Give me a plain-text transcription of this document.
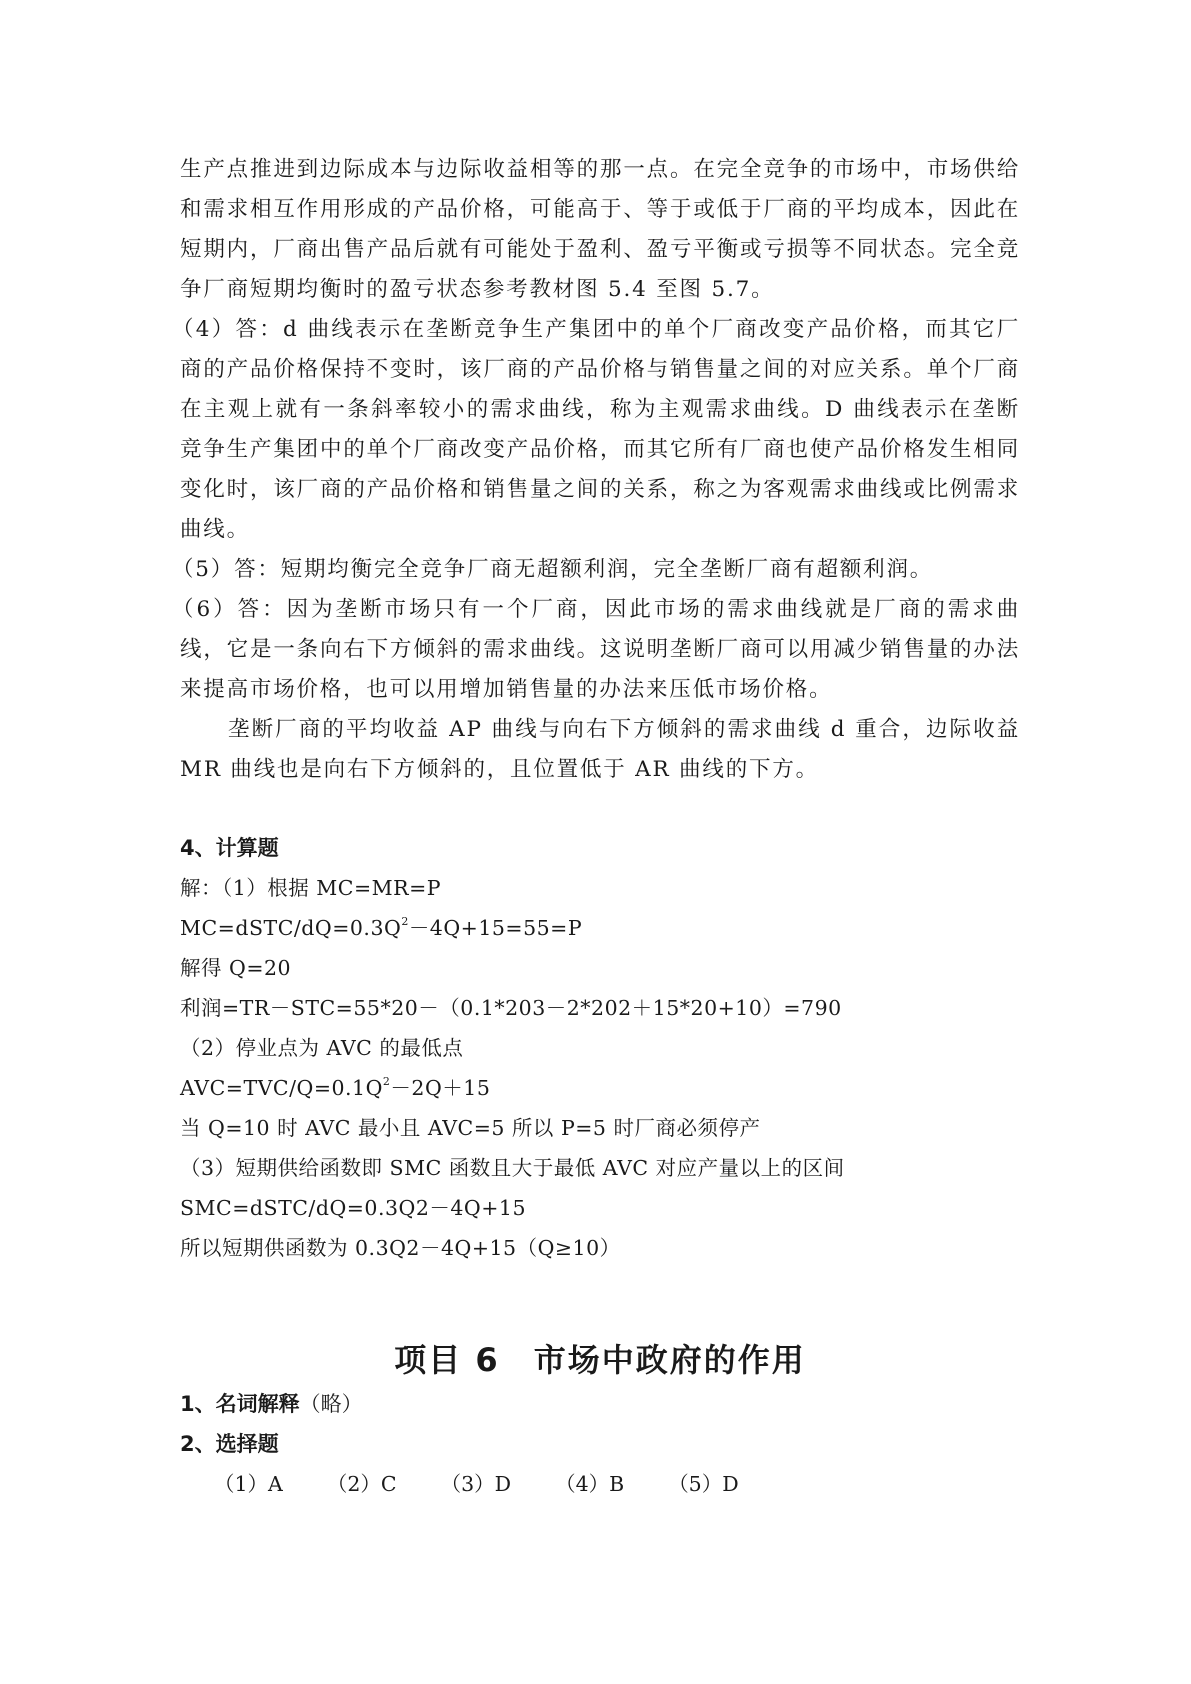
生产点推进到边际成本与边际收益相等的那一点。在完全竞争的市场中，市场供给和需求相互作用形成的产品价格，可能高于、等于或低于厂商的平均成本，因此在短期内，厂商出售产品后就有可能处于盈利、盈亏平衡或亏损等不同状态。完全竞争厂商短期均衡时的盈亏状态参考教材图 5.4 至图 5.7。

（4）答：d 曲线表示在垄断竞争生产集团中的单个厂商改变产品价格，而其它厂商的产品价格保持不变时，该厂商的产品价格与销售量之间的对应关系。单个厂商在主观上就有一条斜率较小的需求曲线，称为主观需求曲线。D 曲线表示在垄断竞争生产集团中的单个厂商改变产品价格，而其它所有厂商也使产品价格发生相同变化时，该厂商的产品价格和销售量之间的关系，称之为客观需求曲线或比例需求曲线。

（5）答：短期均衡完全竞争厂商无超额利润，完全垄断厂商有超额利润。

（6）答：因为垄断市场只有一个厂商，因此市场的需求曲线就是厂商的需求曲线，它是一条向右下方倾斜的需求曲线。这说明垄断厂商可以用减少销售量的办法来提高市场价格，也可以用增加销售量的办法来压低市场价格。

垄断厂商的平均收益 AP 曲线与向右下方倾斜的需求曲线 d 重合，边际收益 MR 曲线也是向右下方倾斜的，且位置低于 AR 曲线的下方。

4、计算题

解：（1）根据 MC=MR=P

$MC=dSTC/dQ=0.3Q^2-4Q+15=55=P$

解得 Q=20

利润=TR－STC=55*20－（0.1*203－2*202＋15*20+10）=790

（2）停业点为 AVC 的最低点

$AVC=TVC/Q=0.1Q^2-2Q+15$

当 Q=10 时 AVC 最小且 AVC=5 所以 P=5 时厂商必须停产

（3）短期供给函数即 SMC 函数且大于最低 AVC 对应产量以上的区间

SMC=dSTC/dQ=0.3Q2－4Q+15

所以短期供函数为 0.3Q2－4Q+15（Q≥10）

项目 6　市场中政府的作用

1、名词解释（略）

2、选择题

（1）A （2）C （3）D （4）B （5）D
